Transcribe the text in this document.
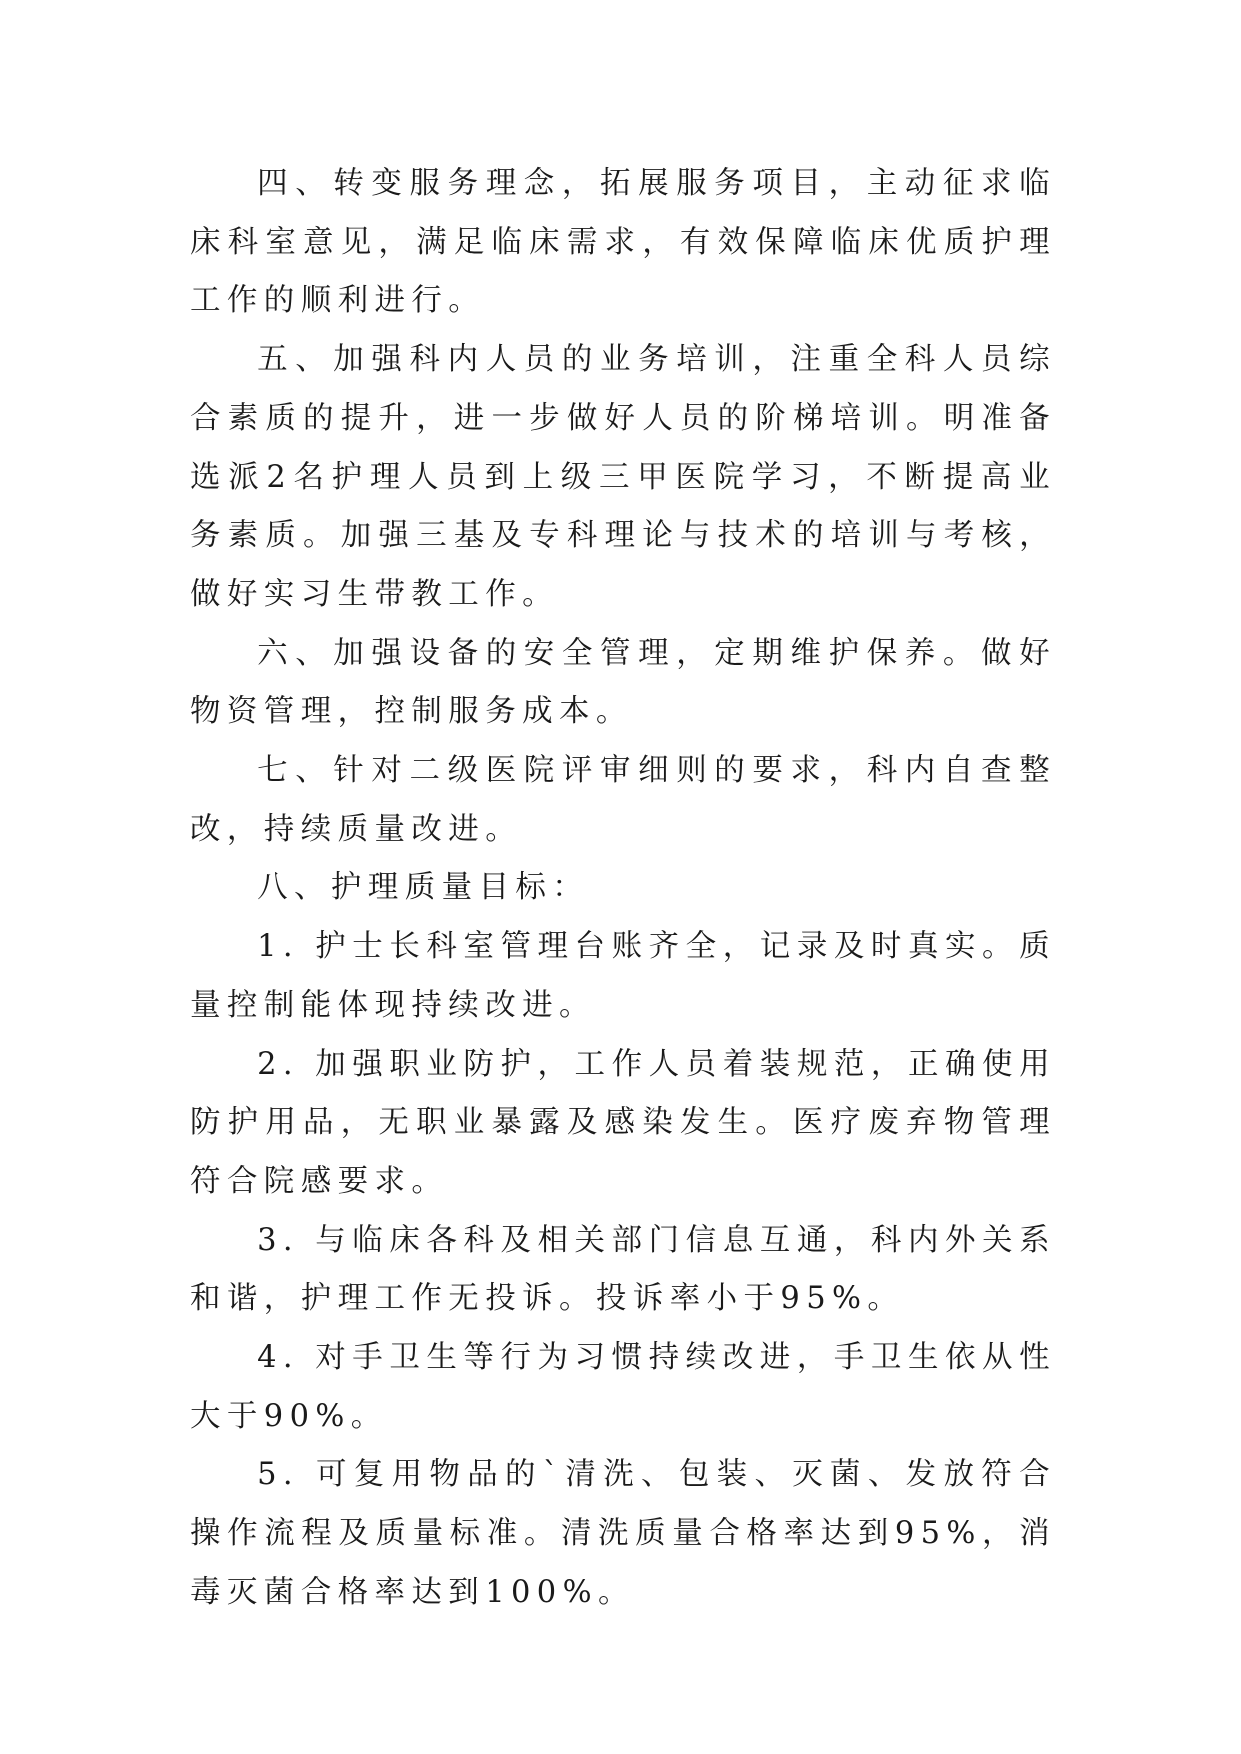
四、转变服务理念，拓展服务项目，主动征求临床科室意见，满足临床需求，有效保障临床优质护理工作的顺利进行。

五、加强科内人员的业务培训，注重全科人员综合素质的提升，进一步做好人员的阶梯培训。明准备选派2名护理人员到上级三甲医院学习，不断提高业务素质。加强三基及专科理论与技术的培训与考核，做好实习生带教工作。

六、加强设备的安全管理，定期维护保养。做好物资管理，控制服务成本。

七、针对二级医院评审细则的要求，科内自查整改，持续质量改进。

八、护理质量目标：

1. 护士长科室管理台账齐全，记录及时真实。质量控制能体现持续改进。

2. 加强职业防护，工作人员着装规范，正确使用防护用品，无职业暴露及感染发生。医疗废弃物管理符合院感要求。

3. 与临床各科及相关部门信息互通，科内外关系和谐，护理工作无投诉。投诉率小于95%。

4. 对手卫生等行为习惯持续改进，手卫生依从性大于90%。

5. 可复用物品的`清洗、包装、灭菌、发放符合操作流程及质量标准。清洗质量合格率达到95%，消毒灭菌合格率达到100%。
